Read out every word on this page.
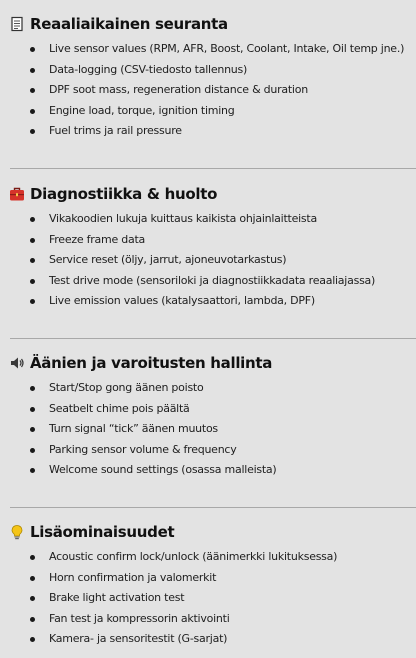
Reaaliaikainen seuranta
Live sensor values (RPM, AFR, Boost, Coolant, Intake, Oil temp jne.)
Data-logging (CSV-tiedosto tallennus)
DPF soot mass, regeneration distance & duration
Engine load, torque, ignition timing
Fuel trims ja rail pressure
Diagnostiikka & huolto
Vikakoodien lukuja kuittaus kaikista ohjainlaitteista
Freeze frame data
Service reset (öljy, jarrut, ajoneuvotarkastus)
Test drive mode (sensoriloki ja diagnostiikkadata reaaliajassa)
Live emission values (katalysaattori, lambda, DPF)
Äänien ja varoitusten hallinta
Start/Stop gong äänen poisto
Seatbelt chime pois päältä
Turn signal “tick” äänen muutos
Parking sensor volume & frequency
Welcome sound settings (osassa malleista)
Lisäominaisuudet
Acoustic confirm lock/unlock (äänimerkki lukituksessa)
Horn confirmation ja valomerkit
Brake light activation test
Fan test ja kompressorin aktivointi
Kamera- ja sensoritestit (G-sarjat)
